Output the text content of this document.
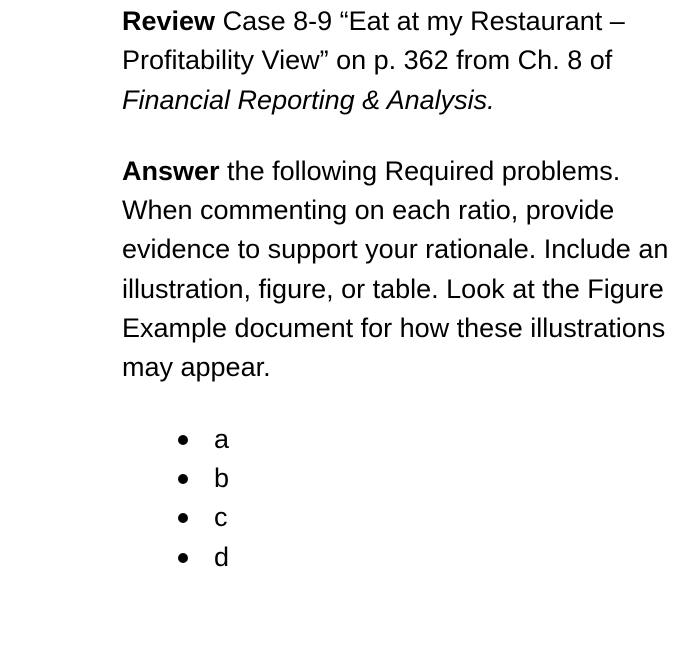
Review Case 8-9 “Eat at my Restaurant – Profitability View” on p. 362 from Ch. 8 of Financial Reporting & Analysis.

Answer the following Required problems. When commenting on each ratio, provide evidence to support your rationale. Include an illustration, figure, or table. Look at the Figure Example document for how these illustrations may appear.

a
b
c
d
